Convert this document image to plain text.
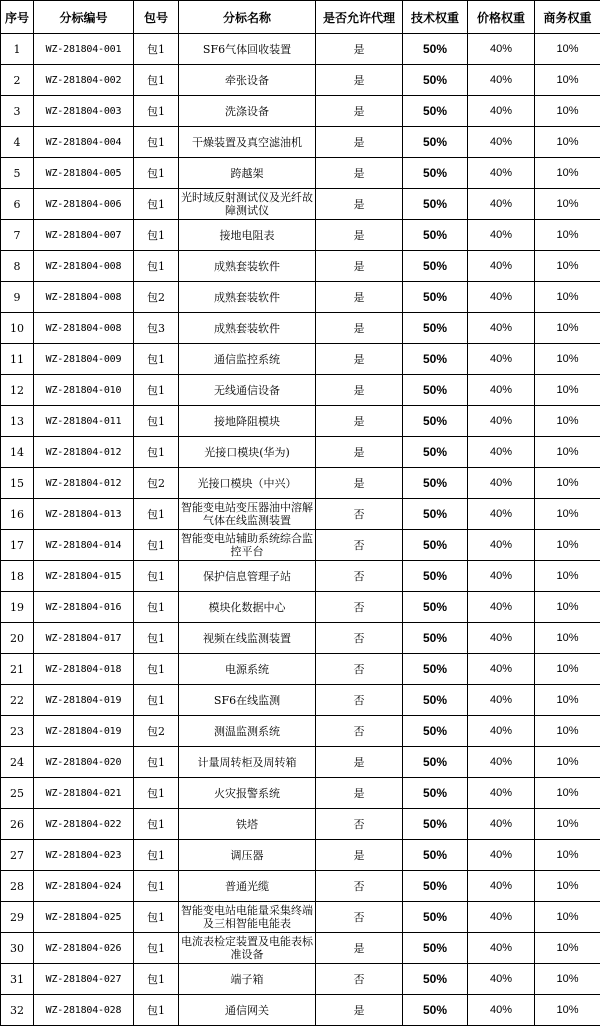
序号	分标编号	包号	分标名称	是否允许代理	技术权重	价格权重	商务权重
1	WZ-281804-001	包1	SF6气体回收装置	是	50%	40%	10%
2	WZ-281804-002	包1	牵张设备	是	50%	40%	10%
3	WZ-281804-003	包1	洗涤设备	是	50%	40%	10%
4	WZ-281804-004	包1	干燥装置及真空滤油机	是	50%	40%	10%
5	WZ-281804-005	包1	跨越架	是	50%	40%	10%
6	WZ-281804-006	包1	光时域反射测试仪及光纤故障测试仪	是	50%	40%	10%
7	WZ-281804-007	包1	接地电阻表	是	50%	40%	10%
8	WZ-281804-008	包1	成熟套装软件	是	50%	40%	10%
9	WZ-281804-008	包2	成熟套装软件	是	50%	40%	10%
10	WZ-281804-008	包3	成熟套装软件	是	50%	40%	10%
11	WZ-281804-009	包1	通信监控系统	是	50%	40%	10%
12	WZ-281804-010	包1	无线通信设备	是	50%	40%	10%
13	WZ-281804-011	包1	接地降阻模块	是	50%	40%	10%
14	WZ-281804-012	包1	光接口模块(华为)	是	50%	40%	10%
15	WZ-281804-012	包2	光接口模块（中兴）	是	50%	40%	10%
16	WZ-281804-013	包1	智能变电站变压器油中溶解气体在线监测装置	否	50%	40%	10%
17	WZ-281804-014	包1	智能变电站辅助系统综合监控平台	否	50%	40%	10%
18	WZ-281804-015	包1	保护信息管理子站	否	50%	40%	10%
19	WZ-281804-016	包1	模块化数据中心	否	50%	40%	10%
20	WZ-281804-017	包1	视频在线监测装置	否	50%	40%	10%
21	WZ-281804-018	包1	电源系统	否	50%	40%	10%
22	WZ-281804-019	包1	SF6在线监测	否	50%	40%	10%
23	WZ-281804-019	包2	测温监测系统	否	50%	40%	10%
24	WZ-281804-020	包1	计量周转柜及周转箱	是	50%	40%	10%
25	WZ-281804-021	包1	火灾报警系统	是	50%	40%	10%
26	WZ-281804-022	包1	铁塔	否	50%	40%	10%
27	WZ-281804-023	包1	调压器	是	50%	40%	10%
28	WZ-281804-024	包1	普通光缆	否	50%	40%	10%
29	WZ-281804-025	包1	智能变电站电能量采集终端及三相智能电能表	否	50%	40%	10%
30	WZ-281804-026	包1	电流表检定装置及电能表标准设备	是	50%	40%	10%
31	WZ-281804-027	包1	端子箱	否	50%	40%	10%
32	WZ-281804-028	包1	通信网关	是	50%	40%	10%
